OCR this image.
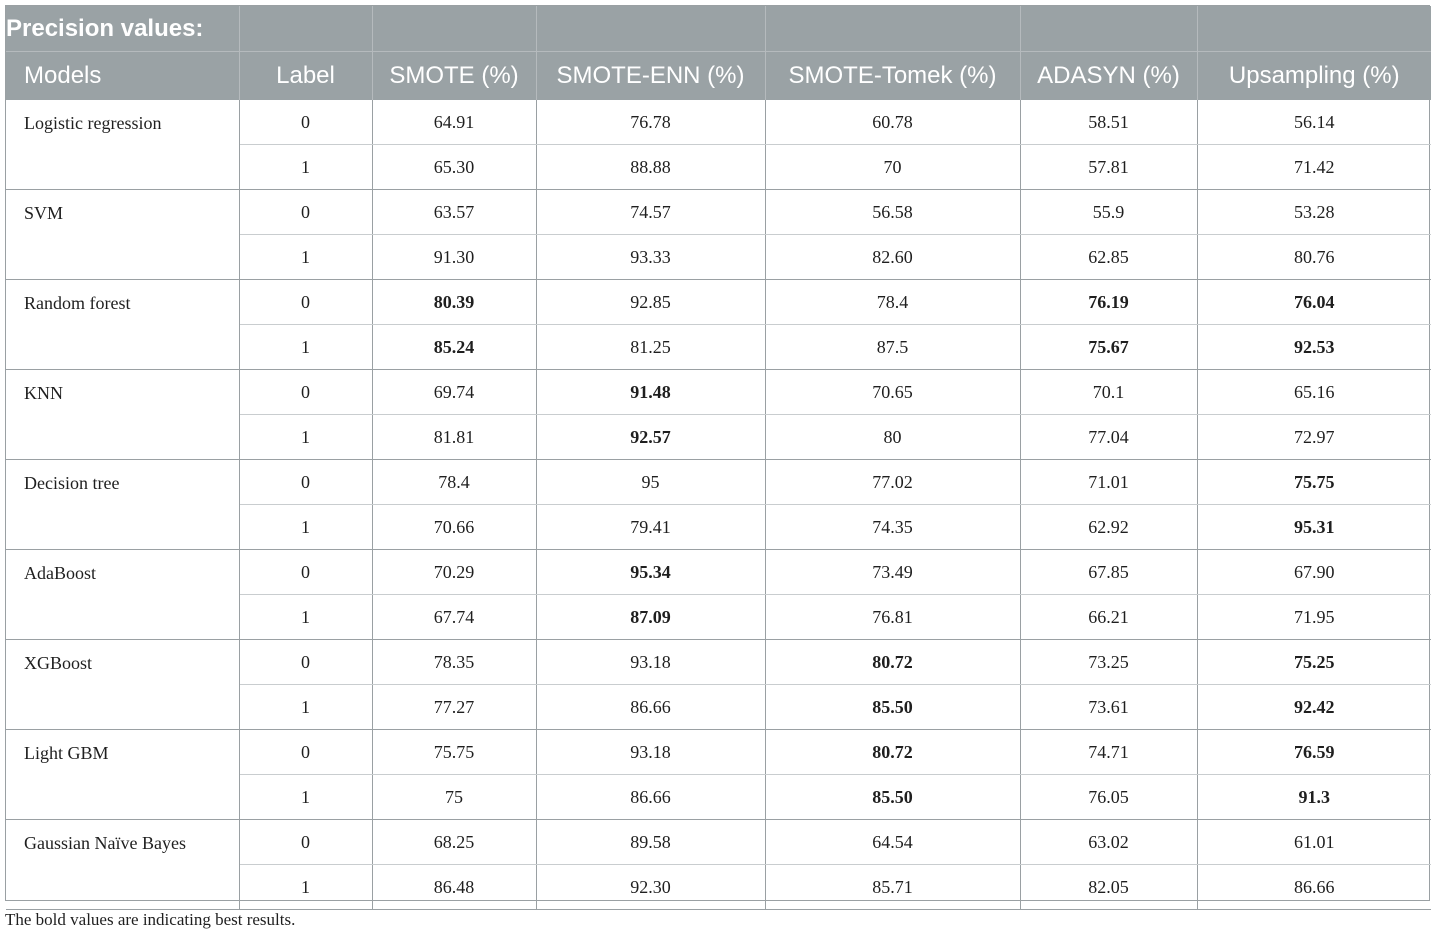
Precision values:						
Models	Label	SMOTE (%)	SMOTE-ENN (%)	SMOTE-Tomek (%)	ADASYN (%)	Upsampling (%)
Logistic regression	0	64.91	76.78	60.78	58.51	56.14
	1	65.30	88.88	70	57.81	71.42
SVM	0	63.57	74.57	56.58	55.9	53.28
	1	91.30	93.33	82.60	62.85	80.76
Random forest	0	80.39	92.85	78.4	76.19	76.04
	1	85.24	81.25	87.5	75.67	92.53
KNN	0	69.74	91.48	70.65	70.1	65.16
	1	81.81	92.57	80	77.04	72.97
Decision tree	0	78.4	95	77.02	71.01	75.75
	1	70.66	79.41	74.35	62.92	95.31
AdaBoost	0	70.29	95.34	73.49	67.85	67.90
	1	67.74	87.09	76.81	66.21	71.95
XGBoost	0	78.35	93.18	80.72	73.25	75.25
	1	77.27	86.66	85.50	73.61	92.42
Light GBM	0	75.75	93.18	80.72	74.71	76.59
	1	75	86.66	85.50	76.05	91.3
Gaussian Naïve Bayes	0	68.25	89.58	64.54	63.02	61.01
	1	86.48	92.30	85.71	82.05	86.66
The bold values are indicating best results.
